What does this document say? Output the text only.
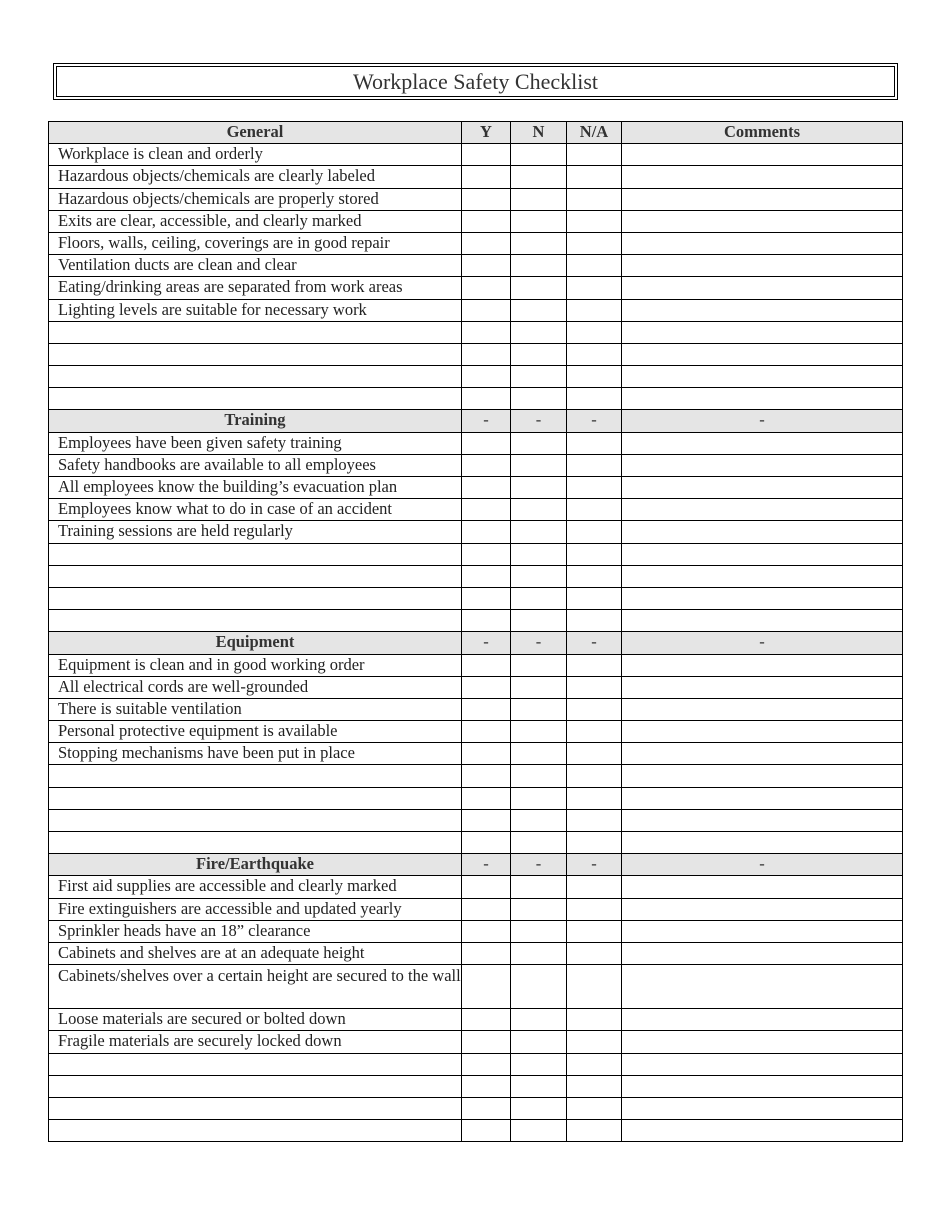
Workplace Safety Checklist
General	Y	N	N/A	Comments
Workplace is clean and orderly				
Hazardous objects/chemicals are clearly labeled				
Hazardous objects/chemicals are properly stored				
Exits are clear, accessible, and clearly marked				
Floors, walls, ceiling, coverings are in good repair				
Ventilation ducts are clean and clear				
Eating/drinking areas are separated from work areas				
Lighting levels are suitable for necessary work				

Training	-	-	-	-
Employees have been given safety training				
Safety handbooks are available to all employees				
All employees know the building’s evacuation plan				
Employees know what to do in case of an accident				
Training sessions are held regularly				

Equipment	-	-	-	-
Equipment is clean and in good working order				
All electrical cords are well-grounded				
There is suitable ventilation				
Personal protective equipment is available				
Stopping mechanisms have been put in place				

Fire/Earthquake	-	-	-	-
First aid supplies are accessible and clearly marked				
Fire extinguishers are accessible and updated yearly				
Sprinkler heads have an 18” clearance				
Cabinets and shelves are at an adequate height				
Cabinets/shelves over a certain height are secured to the wall				
Loose materials are secured or bolted down				
Fragile materials are securely locked down				
